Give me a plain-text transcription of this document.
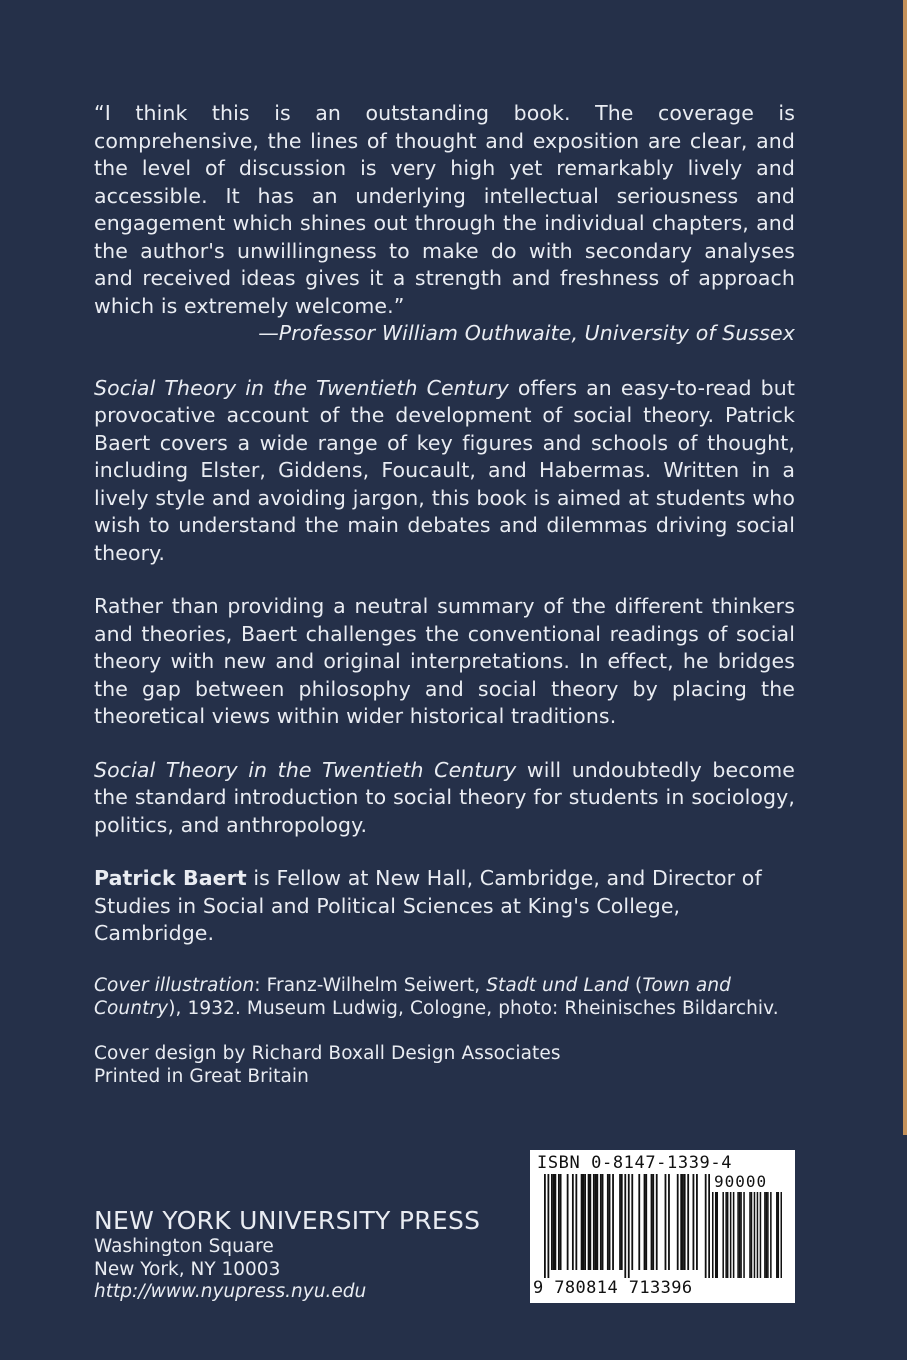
“I think this is an outstanding book. The coverage is comprehensive, the lines of thought and exposition are clear, and the level of discussion is very high yet remarkably lively and accessible. It has an underlying intellectual seriousness and engagement which shines out through the individual chapters, and the author's unwillingness to make do with secondary analyses and received ideas gives it a strength and freshness of approach which is extremely welcome.”

—Professor William Outhwaite, University of Sussex

Social Theory in the Twentieth Century offers an easy-to-read but provocative account of the development of social theory. Patrick Baert covers a wide range of key figures and schools of thought, including Elster, Giddens, Foucault, and Habermas. Written in a lively style and avoiding jargon, this book is aimed at students who wish to understand the main debates and dilemmas driving social theory.

Rather than providing a neutral summary of the different thinkers and theories, Baert challenges the conventional readings of social theory with new and original interpretations. In effect, he bridges the gap between philosophy and social theory by placing the theoretical views within wider historical traditions.

Social Theory in the Twentieth Century will undoubtedly become the standard introduction to social theory for students in sociology, politics, and anthropology.

Patrick Baert is Fellow at New Hall, Cambridge, and Director of Studies in Social and Political Sciences at King's College, Cambridge.

Cover illustration: Franz-Wilhelm Seiwert, Stadt und Land (Town and Country), 1932. Museum Ludwig, Cologne, photo: Rheinisches Bildarchiv.

Cover design by Richard Boxall Design Associates

Printed in Great Britain

NEW YORK UNIVERSITY PRESS
Washington Square
New York, NY 10003
http://www.nyupress.nyu.edu
ISBN 0-8147-1339-4
90000
9 780814 713396
